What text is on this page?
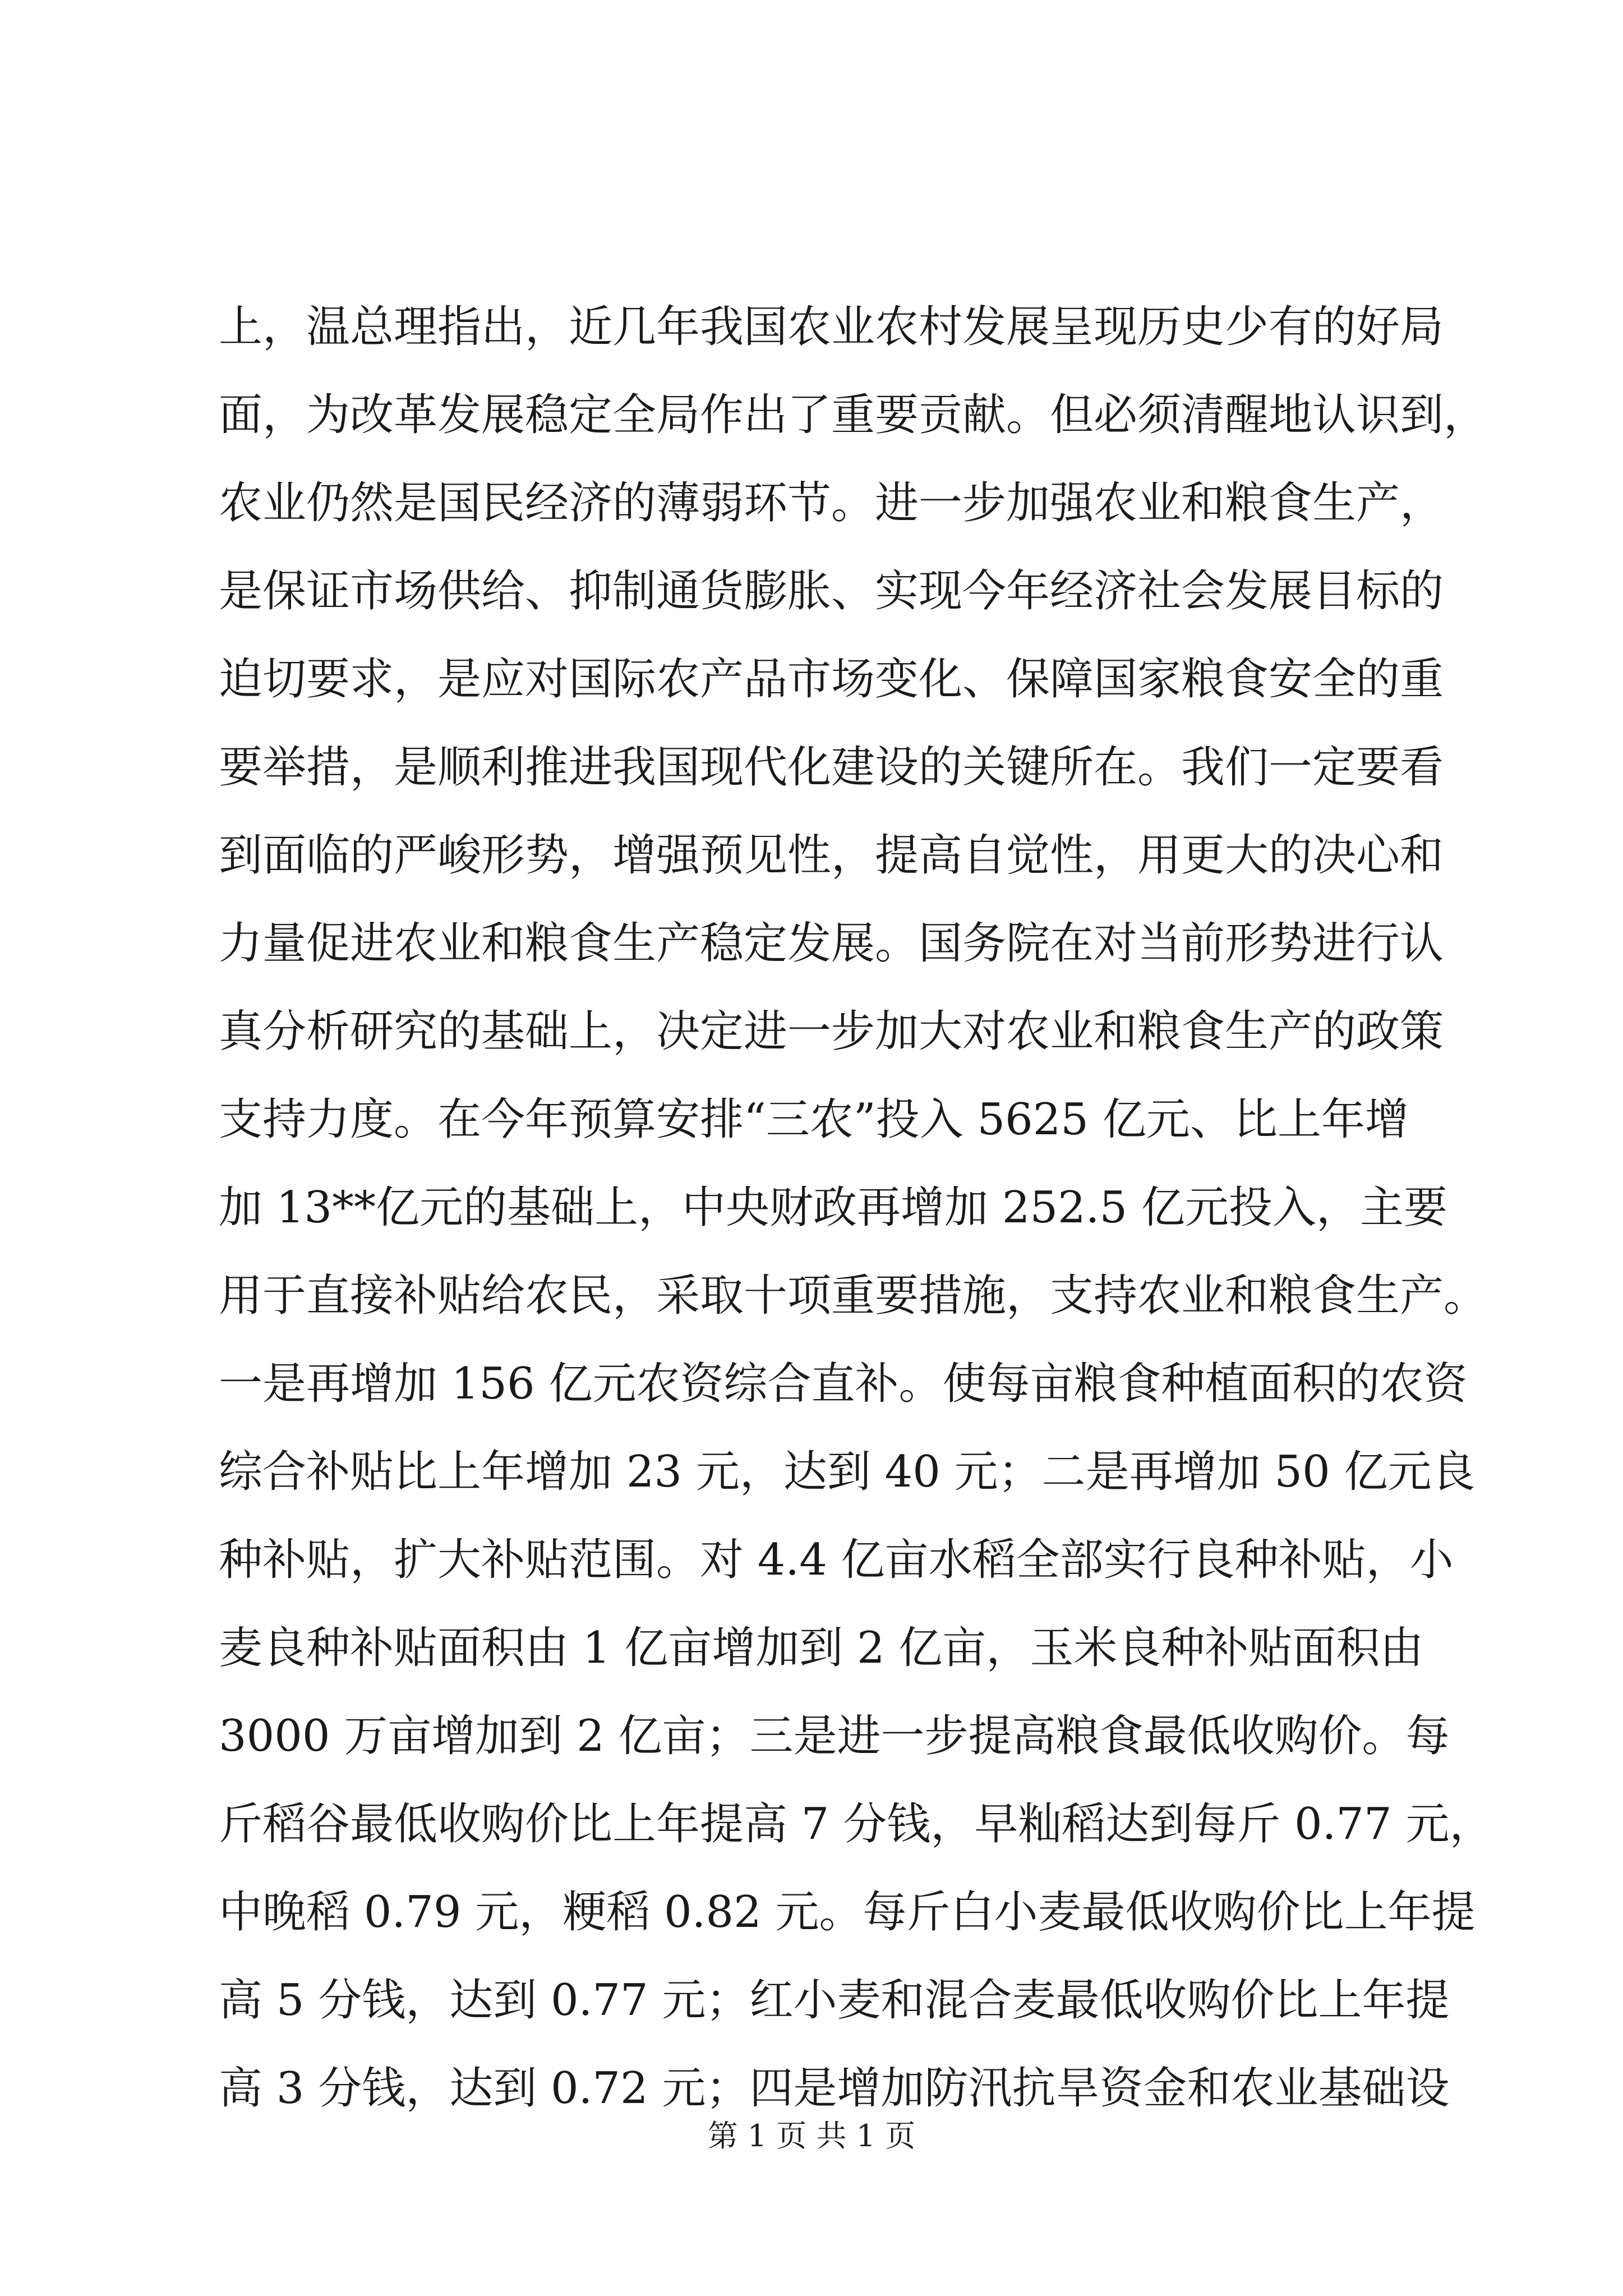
上，温总理指出，近几年我国农业农村发展呈现历史少有的好局
面，为改革发展稳定全局作出了重要贡献。但必须清醒地认识到，
农业仍然是国民经济的薄弱环节。进一步加强农业和粮食生产，
是保证市场供给、抑制通货膨胀、实现今年经济社会发展目标的
迫切要求，是应对国际农产品市场变化、保障国家粮食安全的重
要举措，是顺利推进我国现代化建设的关键所在。我们一定要看
到面临的严峻形势，增强预见性，提高自觉性，用更大的决心和
力量促进农业和粮食生产稳定发展。国务院在对当前形势进行认
真分析研究的基础上，决定进一步加大对农业和粮食生产的政策
支持力度。在今年预算安排“三农”投入 5625 亿元、比上年增
加 13**亿元的基础上，中央财政再增加 252.5 亿元投入，主要
用于直接补贴给农民，采取十项重要措施，支持农业和粮食生产。
一是再增加 156 亿元农资综合直补。使每亩粮食种植面积的农资
综合补贴比上年增加 23 元，达到 40 元；二是再增加 50 亿元良
种补贴，扩大补贴范围。对 4.4 亿亩水稻全部实行良种补贴，小
麦良种补贴面积由 1 亿亩增加到 2 亿亩，玉米良种补贴面积由
3000 万亩增加到 2 亿亩；三是进一步提高粮食最低收购价。每
斤稻谷最低收购价比上年提高 7 分钱，早籼稻达到每斤 0.77 元，
中晚稻 0.79 元，粳稻 0.82 元。每斤白小麦最低收购价比上年提
高 5 分钱，达到 0.77 元；红小麦和混合麦最低收购价比上年提
高 3 分钱，达到 0.72 元；四是增加防汛抗旱资金和农业基础设
第 1 页 共 1 页
